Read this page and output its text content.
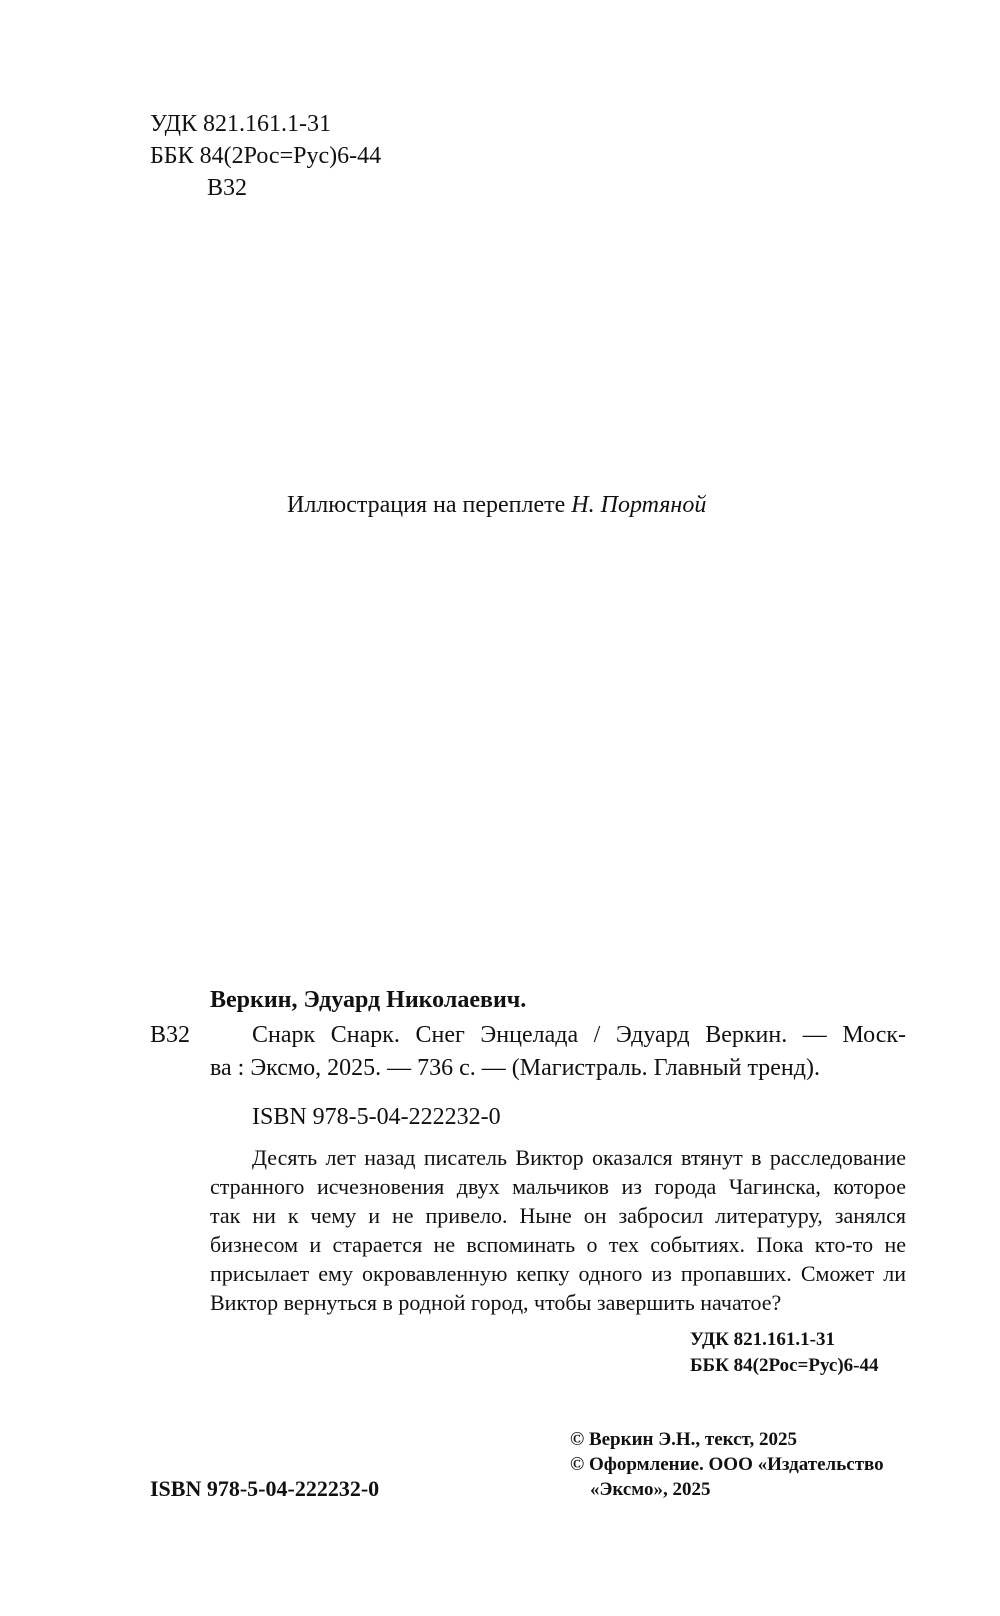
УДК 821.161.1-31
ББК 84(2Рос=Рус)6-44
В32
Иллюстрация на переплете Н. Портяной
Веркин, Эдуард Николаевич.
В32	Снарк Снарк. Снег Энцелада / Эдуард Веркин. — Моск-
ва : Эксмо, 2025. — 736 с. — (Магистраль. Главный тренд).
ISBN 978-5-04-222232-0
Десять лет назад писатель Виктор оказался втянут в расследование
странного исчезновения двух мальчиков из города Чагинска, которое
так ни к чему и не привело. Ныне он забросил литературу, занялся
бизнесом и старается не вспоминать о тех событиях. Пока кто-то не
присылает ему окровавленную кепку одного из пропавших. Сможет ли
Виктор вернуться в родной город, чтобы завершить начатое?
УДК 821.161.1-31
ББК 84(2Рос=Рус)6-44
ISBN 978-5-04-222232-0
© Веркин Э.Н., текст, 2025
© Оформление. ООО «Издательство
«Эксмо», 2025
